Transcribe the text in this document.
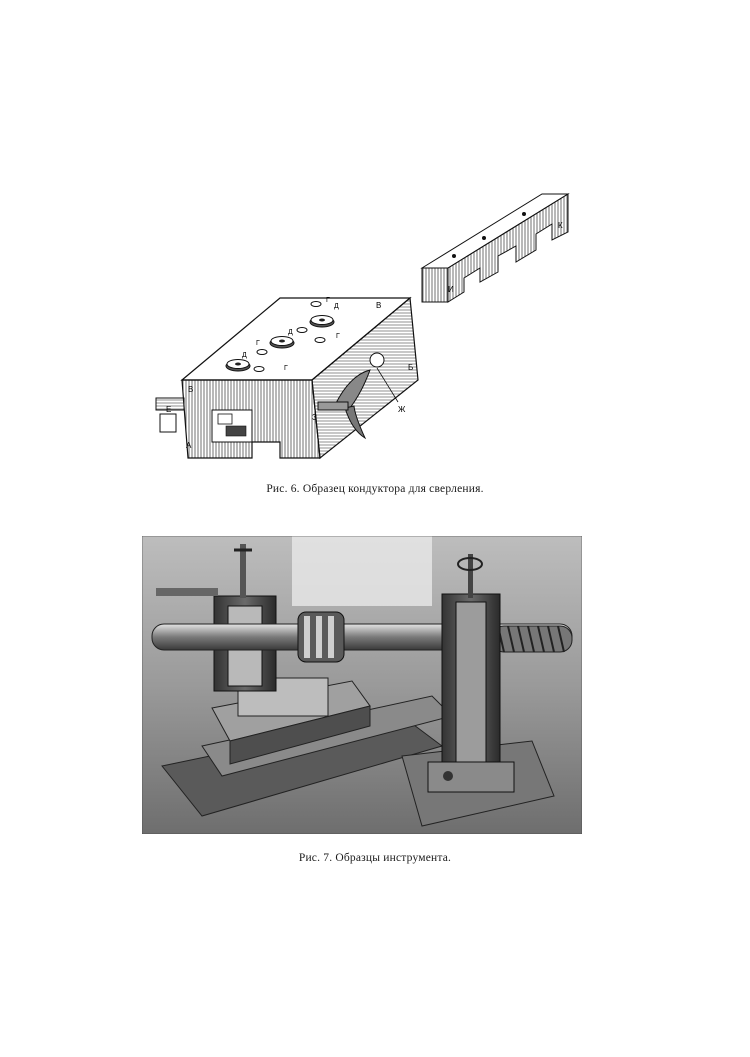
А
Б
В
В
Г
Г
Г
Г
Д
Д
Д
Е	Ж
З
И
К
Рис. 6. Образец кондуктора для сверления.
Рис. 7. Образцы инструмента.
